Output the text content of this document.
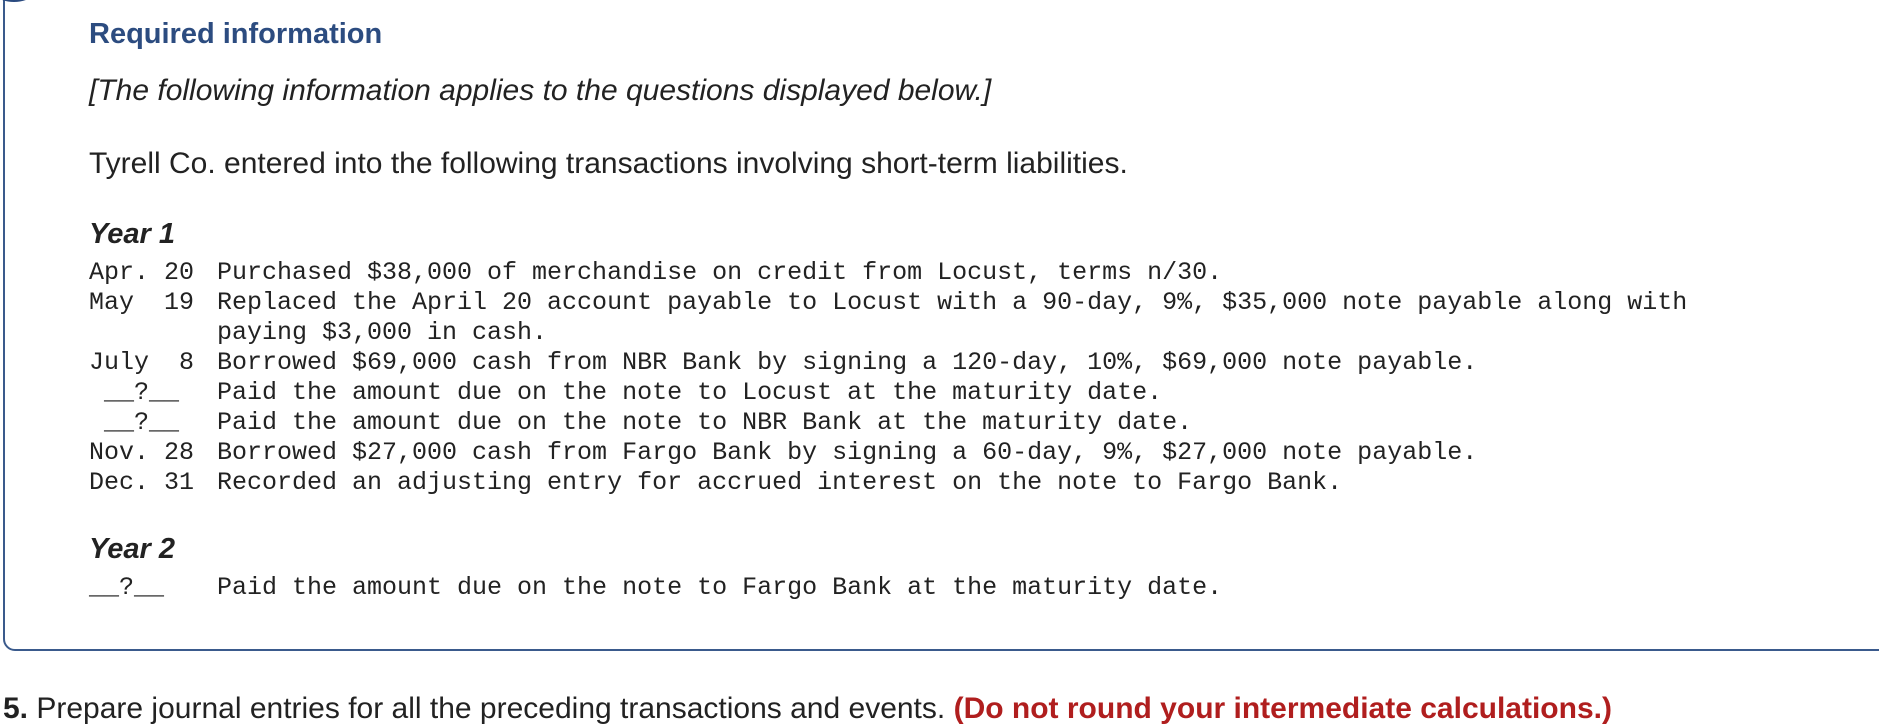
Required information

[The following information applies to the questions displayed below.]

Tyrell Co. entered into the following transactions involving short-term liabilities.

Year 1
Apr. 20 Purchased $38,000 of merchandise on credit from Locust, terms n/30.
May  19 Replaced the April 20 account payable to Locust with a 90-day, 9%, $35,000 note payable along with
paying $3,000 in cash.
July  8 Borrowed $69,000 cash from NBR Bank by signing a 120-day, 10%, $69,000 note payable.
__?__	Paid the amount due on the note to Locust at the maturity date.
__?__	Paid the amount due on the note to NBR Bank at the maturity date.
Nov. 28 Borrowed $27,000 cash from Fargo Bank by signing a 60-day, 9%, $27,000 note payable.
Dec. 31 Recorded an adjusting entry for accrued interest on the note to Fargo Bank.
Year 2
__?__	Paid the amount due on the note to Fargo Bank at the maturity date.

5. Prepare journal entries for all the preceding transactions and events. (Do not round your intermediate calculations.)
